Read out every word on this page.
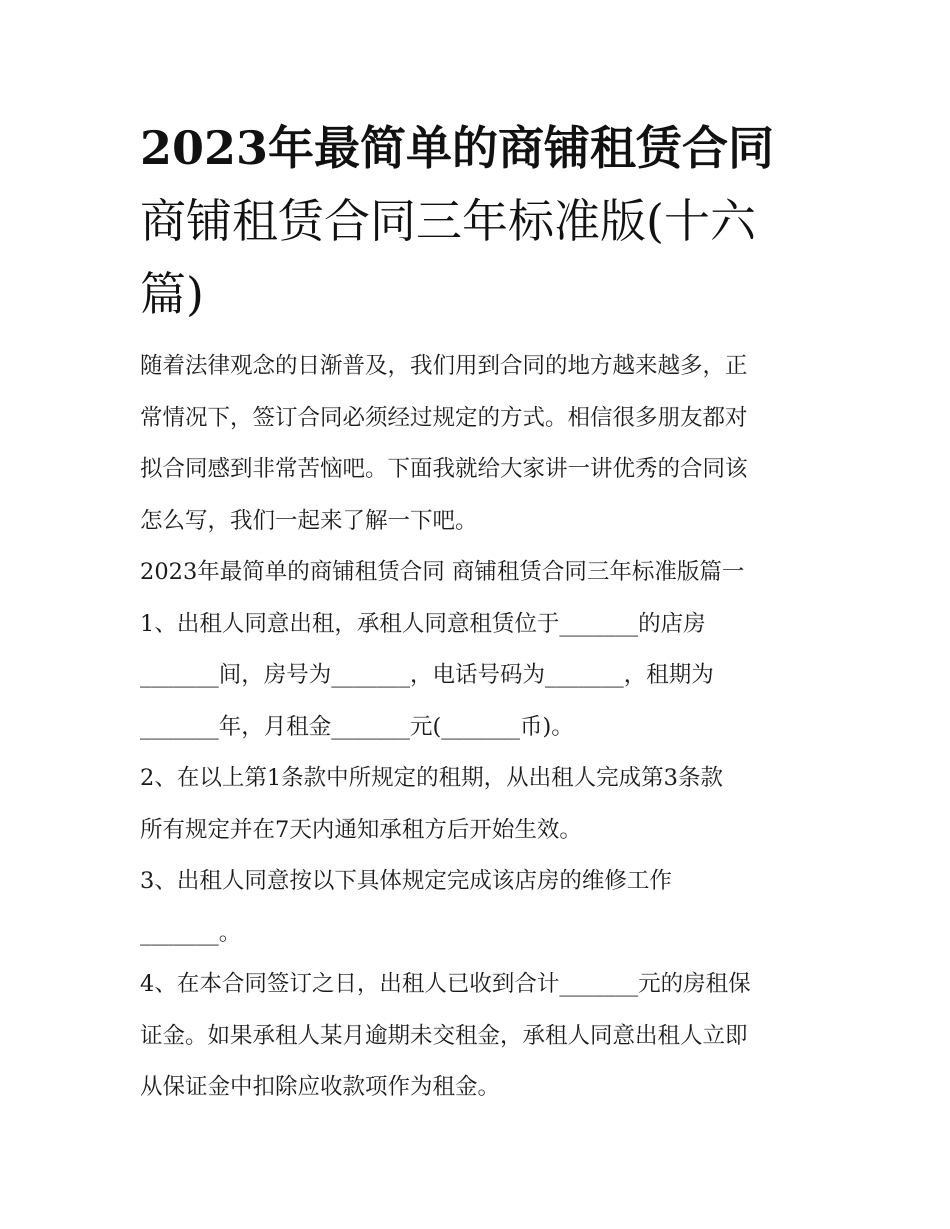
2023年最简单的商铺租赁合同
商铺租赁合同三年标准版(十六
篇)
随着法律观念的日渐普及，我们用到合同的地方越来越多，正
常情况下，签订合同必须经过规定的方式。相信很多朋友都对
拟合同感到非常苦恼吧。下面我就给大家讲一讲优秀的合同该
怎么写，我们一起来了解一下吧。
2023年最简单的商铺租赁合同 商铺租赁合同三年标准版篇一
1、出租人同意出租，承租人同意租赁位于_______的店房
_______间，房号为_______，电话号码为_______，租期为
_______年，月租金_______元(_______币)。
2、在以上第1条款中所规定的租期，从出租人完成第3条款
所有规定并在7天内通知承租方后开始生效。
3、出租人同意按以下具体规定完成该店房的维修工作
_______。
4、在本合同签订之日，出租人已收到合计_______元的房租保
证金。如果承租人某月逾期未交租金，承租人同意出租人立即
从保证金中扣除应收款项作为租金。
